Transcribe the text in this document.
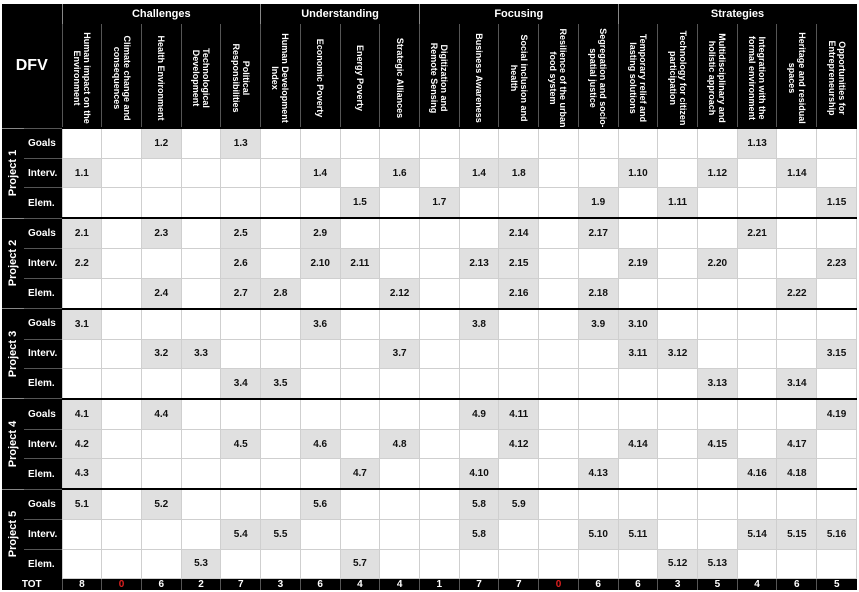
DFV		Challenges					Understanding				Focusing					Strategies					

Human impact on the Environment	Climate change and consequences	Health Environment	Technological Development	Political Responsibilities	Human Development Index	Economic Poverty	Energy Poverty	Strategic Alliances	Digitization and Remote Sensing	Business Awareness	Social inclusion and health	Resilience of the urban food system	Segregation and socio-spatial justice	Temporary relief and lasting solutions	Technology for citizen participation	Multidisciplinary and holistic approach	Integration with the formal environment	Heritage and residual spaces	Opportunities for Entrepreneurship

Project 1	Goals			1.2		1.3													1.13		
	Interv.	1.1						1.4		1.6		1.4	1.8			1.10		1.12		1.14	
	Elem.								1.5		1.7				1.9		1.11				1.15

Project 2	Goals	2.1		2.3		2.5		2.9					2.14		2.17				2.21		
	Interv.	2.2				2.6		2.10	2.11			2.13	2.15			2.19		2.20			2.23
	Elem.			2.4		2.7	2.8			2.12			2.16		2.18					2.22	

Project 3	Goals	3.1						3.6				3.8			3.9	3.10					
	Interv.			3.2	3.3					3.7						3.11	3.12				3.15
	Elem.					3.4	3.5											3.13		3.14	

Project 4	Goals	4.1		4.4								4.9	4.11								4.19
	Interv.	4.2				4.5		4.6		4.8			4.12			4.14		4.15		4.17	
	Elem.	4.3							4.7			4.10			4.13				4.16	4.18	

Project 5	Goals	5.1		5.2				5.6				5.8	5.9								
	Interv.					5.4	5.5					5.8			5.10	5.11			5.14	5.15	5.16
	Elem.				5.3				5.7								5.12	5.13			
TOT		8	0	6	2	7	3	6	4	4	1	7	7	0	6	6	3	5	4	6	5
